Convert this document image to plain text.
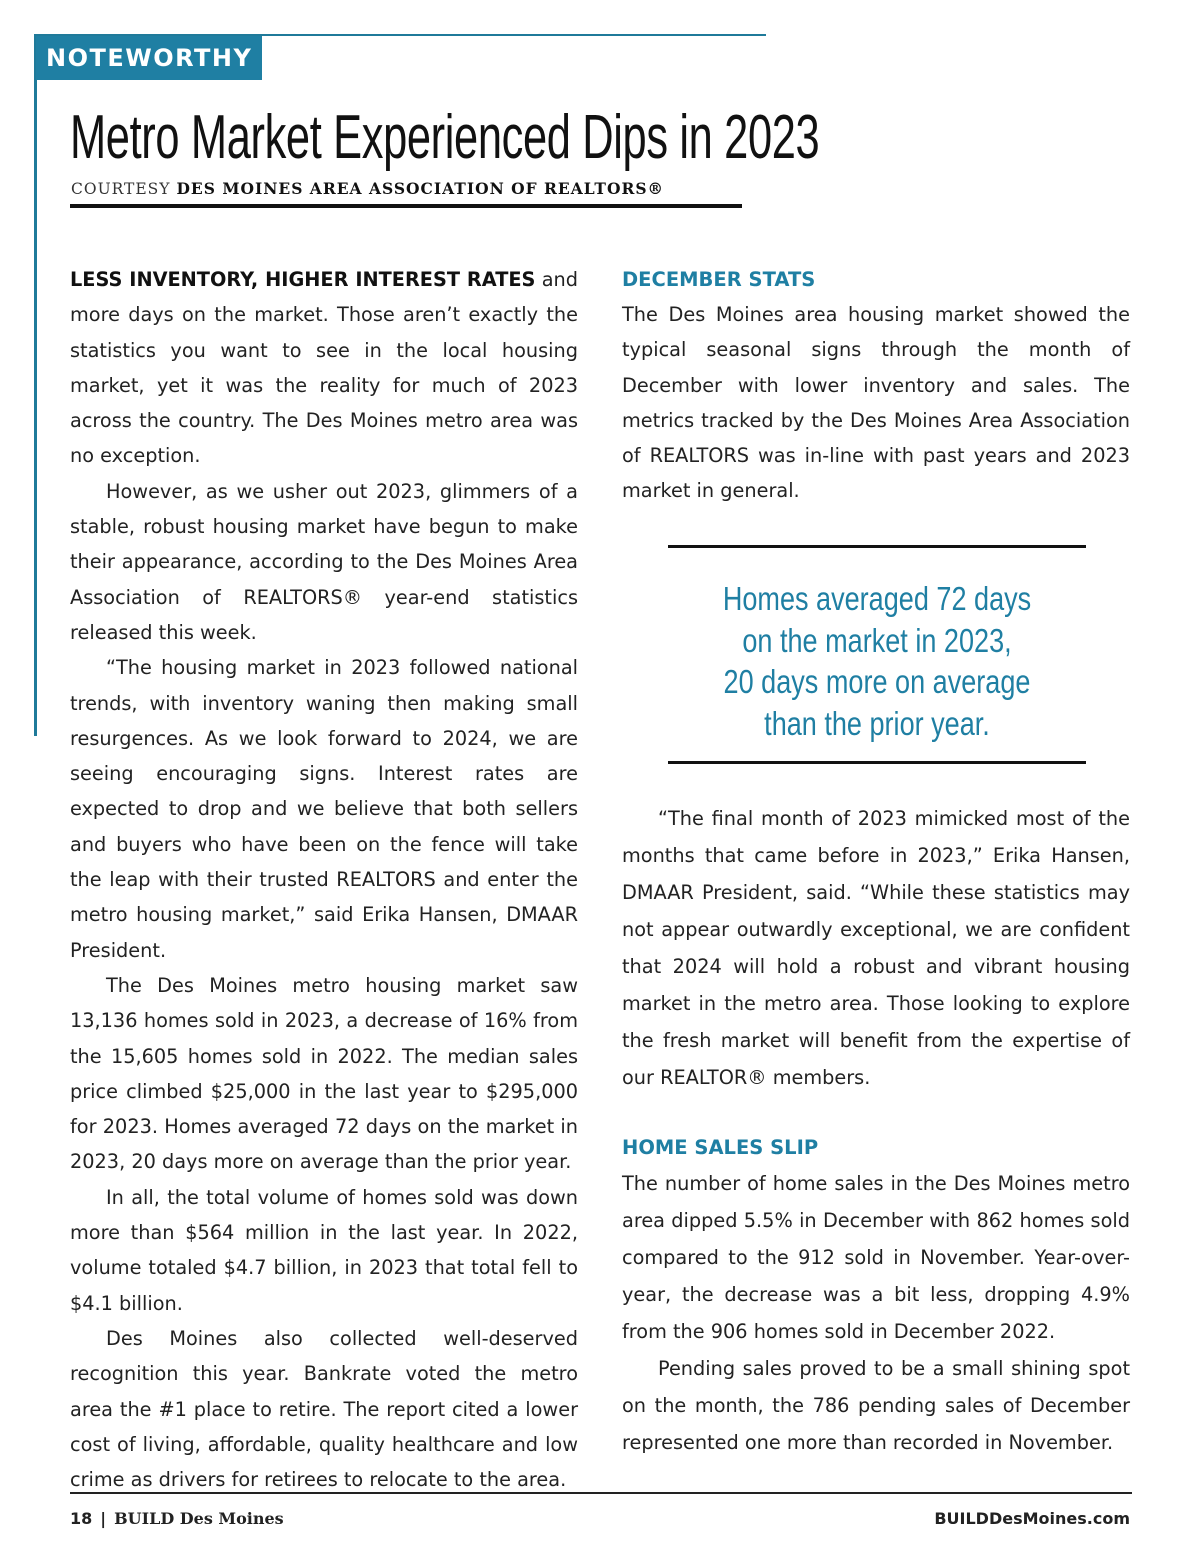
NOTEWORTHY
Metro Market Experienced Dips in 2023
COURTESY DES MOINES AREA ASSOCIATION OF REALTORS®

LESS INVENTORY, HIGHER INTEREST RATES and more days on the market. Those aren’t exactly the statistics you want to see in the local housing market, yet it was the reality for much of 2023 across the country. The Des Moines metro area was no exception.

However, as we usher out 2023, glimmers of a stable, robust housing market have begun to make their appearance, according to the Des Moines Area Association of REALTORS® year-end statistics released this week.

“The housing market in 2023 followed national trends, with inventory waning then making small resurgences. As we look forward to 2024, we are seeing encouraging signs. Interest rates are expected to drop and we believe that both sellers and buyers who have been on the fence will take the leap with their trusted REALTORS and enter the metro housing market,” said Erika Hansen, DMAAR President.

The Des Moines metro housing market saw 13,136 homes sold in 2023, a decrease of 16% from the 15,605 homes sold in 2022. The median sales price climbed $25,000 in the last year to $295,000 for 2023. Homes averaged 72 days on the market in 2023, 20 days more on average than the prior year.

In all, the total volume of homes sold was down more than $564 million in the last year. In 2022, volume totaled $4.7 billion, in 2023 that total fell to $4.1 billion.

Des Moines also collected well-deserved recognition this year. Bankrate voted the metro area the #1 place to retire. The report cited a lower cost of living, affordable, quality healthcare and low crime as drivers for retirees to relocate to the area.

DECEMBER STATS

The Des Moines area housing market showed the typical seasonal signs through the month of December with lower inventory and sales. The metrics tracked by the Des Moines Area Association of REALTORS was in-line with past years and 2023 market in general.

Homes averaged 72 days
on the market in 2023,
20 days more on average
than the prior year.

“The final month of 2023 mimicked most of the months that came before in 2023,” Erika Hansen, DMAAR President, said. “While these statistics may not appear outwardly exceptional, we are confident that 2024 will hold a robust and vibrant housing market in the metro area. Those looking to explore the fresh market will benefit from the expertise of our REALTOR® members.

HOME SALES SLIP

The number of home sales in the Des Moines metro area dipped 5.5% in December with 862 homes sold compared to the 912 sold in November. Year-over-year, the decrease was a bit less, dropping 4.9% from the 906 homes sold in December 2022.

Pending sales proved to be a small shining spot on the month, the 786 pending sales of December represented one more than recorded in November.

18 | BUILD Des Moines	BUILDDesMoines.com
